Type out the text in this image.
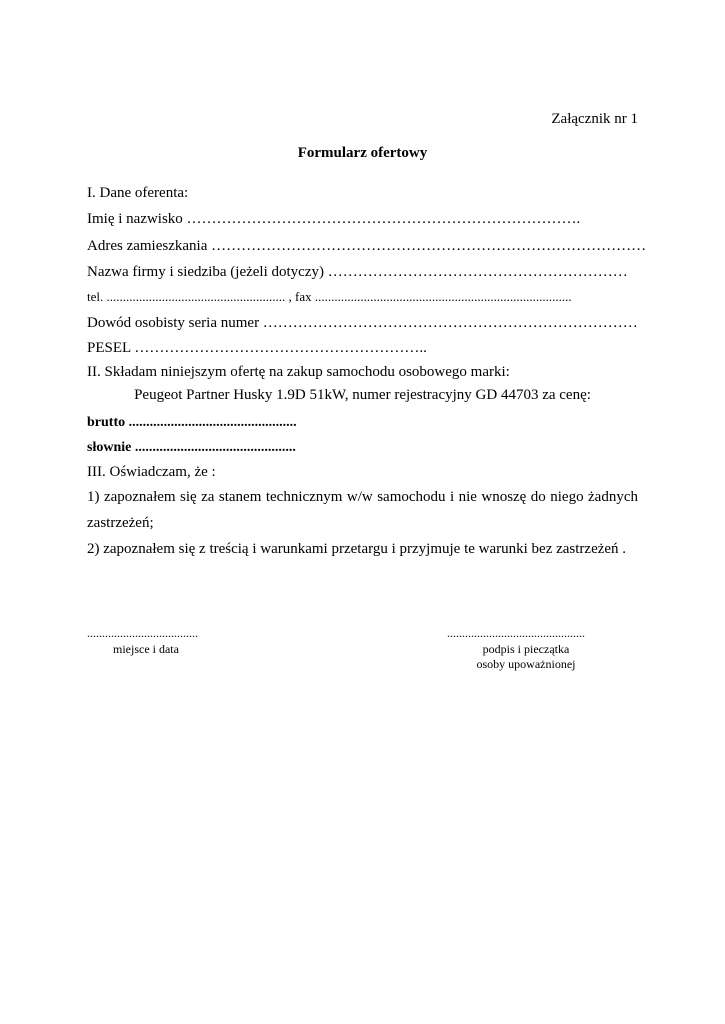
Załącznik nr 1
Formularz ofertowy
I. Dane oferenta:
Imię i nazwisko …………………………………………………………………….
Adres zamieszkania ……………………………………………………………………………
Nazwa firmy i siedziba (jeżeli dotyczy) ……………………………………………………
tel. ....................................................... , fax ...............................................................................
Dowód osobisty seria numer …………………………………………………………………
PESEL …………………………………………………..
II. Składam niniejszym ofertę na zakup samochodu osobowego marki:
Peugeot Partner Husky 1.9D 51kW, numer rejestracyjny GD 44703 za cenę:
brutto ................................................
słownie ..............................................
III. Oświadczam, że :
1) zapoznałem się za stanem technicznym w/w samochodu i nie wnoszę do niego żadnych
zastrzeżeń;
2) zapoznałem się z treścią i warunkami przetargu i przyjmuje te warunki bez zastrzeżeń .
.....................................
miejsce i data
..............................................
podpis i pieczątka
osoby upoważnionej
